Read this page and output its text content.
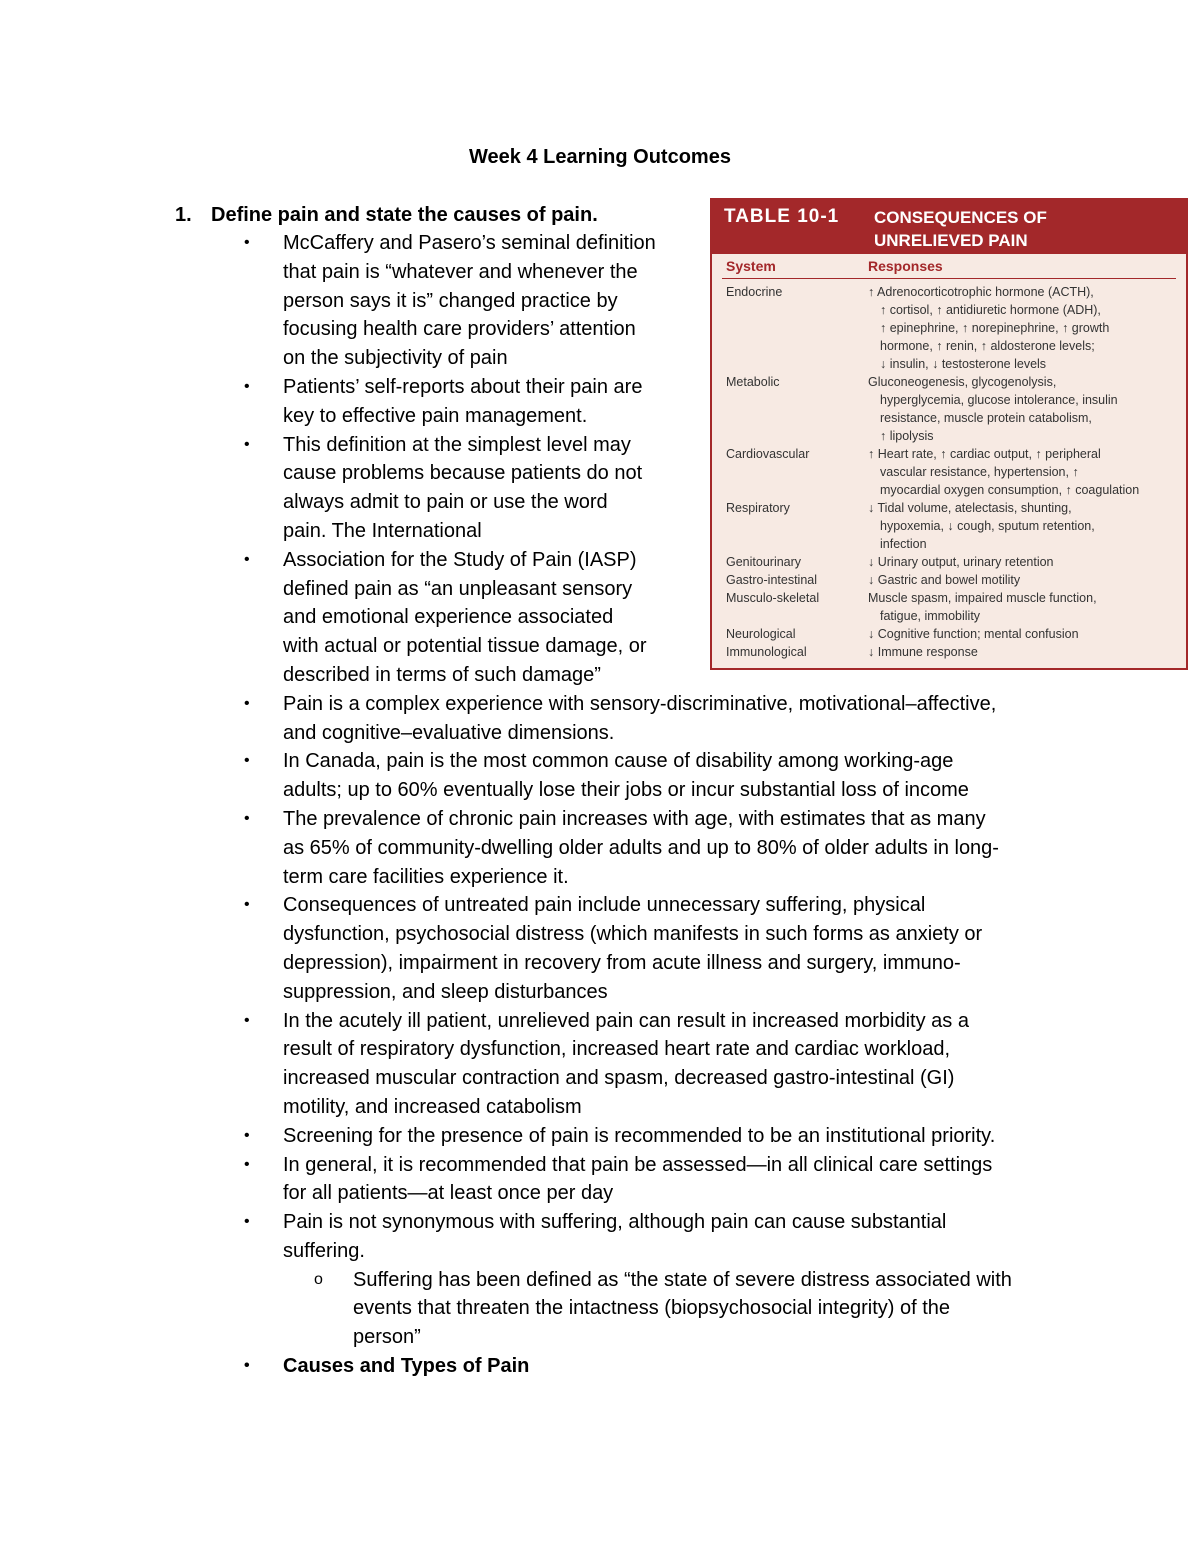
Week 4 Learning Outcomes
1. Define pain and state the causes of pain.
• McCaffery and Pasero’s seminal definition
that pain is “whatever and whenever the
person says it is” changed practice by
focusing health care providers’ attention
on the subjectivity of pain
• Patients’ self-reports about their pain are
key to effective pain management.
• This definition at the simplest level may
cause problems because patients do not
always admit to pain or use the word
pain. The International
• Association for the Study of Pain (IASP)
defined pain as “an unpleasant sensory
and emotional experience associated
with actual or potential tissue damage, or
described in terms of such damage”
• Pain is a complex experience with sensory-discriminative, motivational–affective,
and cognitive–evaluative dimensions.
• In Canada, pain is the most common cause of disability among working-age
adults; up to 60% eventually lose their jobs or incur substantial loss of income
• The prevalence of chronic pain increases with age, with estimates that as many
as 65% of community-dwelling older adults and up to 80% of older adults in long-
term care facilities experience it.
• Consequences of untreated pain include unnecessary suffering, physical
dysfunction, psychosocial distress (which manifests in such forms as anxiety or
depression), impairment in recovery from acute illness and surgery, immuno-
suppression, and sleep disturbances
• In the acutely ill patient, unrelieved pain can result in increased morbidity as a
result of respiratory dysfunction, increased heart rate and cardiac workload,
increased muscular contraction and spasm, decreased gastro-intestinal (GI)
motility, and increased catabolism
• Screening for the presence of pain is recommended to be an institutional priority.
• In general, it is recommended that pain be assessed—in all clinical care settings
for all patients—at least once per day
• Pain is not synonymous with suffering, although pain can cause substantial
suffering.
o Suffering has been defined as “the state of severe distress associated with
events that threaten the intactness (biopsychosocial integrity) of the
person”
• Causes and Types of Pain
TABLE 10-1 CONSEQUENCES OF
UNRELIEVED PAIN
System	Responses
Endocrine	↑ Adrenocorticotrophic hormone (ACTH),
↑ cortisol, ↑ antidiuretic hormone (ADH),
↑ epinephrine, ↑ norepinephrine, ↑ growth
hormone, ↑ renin, ↑ aldosterone levels;
↓ insulin, ↓ testosterone levels
Metabolic	Gluconeogenesis, glycogenolysis,
hyperglycemia, glucose intolerance, insulin
resistance, muscle protein catabolism,
↑ lipolysis
Cardiovascular	↑ Heart rate, ↑ cardiac output, ↑ peripheral
vascular resistance, hypertension, ↑
myocardial oxygen consumption, ↑ coagulation
Respiratory	↓ Tidal volume, atelectasis, shunting,
hypoxemia, ↓ cough, sputum retention,
infection
Genitourinary	↓ Urinary output, urinary retention
Gastro-intestinal	↓ Gastric and bowel motility
Musculo-skeletal	Muscle spasm, impaired muscle function,
fatigue, immobility
Neurological	↓ Cognitive function; mental confusion
Immunological	↓ Immune response
